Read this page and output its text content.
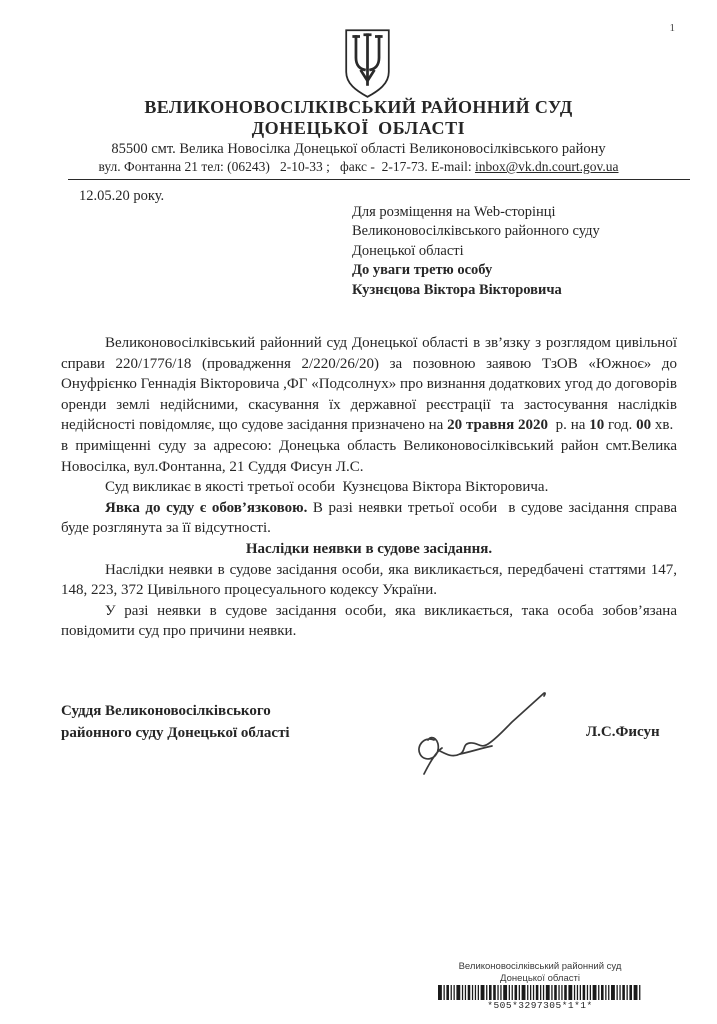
1
ВЕЛИКОНОВОСІЛКІВСЬКИЙ РАЙОННИЙ СУД
ДОНЕЦЬКОЇ ОБЛАСТІ
85500 смт. Велика Новосілка Донецької області Великоновосілківського району
вул. Фонтанна 21 тел: (06243)   2-10-33 ;   факс -  2-17-73. E-mail: inbox@vk.dn.court.gov.ua
12.05.20 року.
Для розміщення на Web-сторінці
Великоновосілківського районного суду
Донецької області
До уваги третю особу
Кузнєцова Віктора Вікторовича

Великоновосілківський районний суд Донецької області в зв’язку з розглядом цивільної справи 220/1776/18 (провадження 2/220/26/20) за позовною заявою ТзОВ «Южноє» до Онуфрієнко Геннадія Вікторовича ,ФГ «Подсолнух» про визнання додаткових угод до договорів оренди землі недійсними, скасування їх державної реєстрації та застосування наслідків недійсності повідомляє, що судове засідання призначено на 20 травня 2020  р. на 10 год. 00 хв.  в приміщенні суду за адресою: Донецька область Великоновосілківський район смт.Велика Новосілка, вул.Фонтанна, 21 Суддя Фисун Л.С.

Суд викликає в якості третьої особи  Кузнєцова Віктора Вікторовича.

Явка до суду є обов’язковою. В разі неявки третьої особи  в судове засідання справа буде розглянута за її відсутності.

Наслідки неявки в судове засідання.

Наслідки неявки в судове засідання особи, яка викликається, передбачені статтями 147, 148, 223, 372 Цивільного процесуального кодексу України.

У разі неявки в судове засідання особи, яка викликається, така особа зобов’язана повідомити суд про причини неявки.

Суддя Великоновосілківського
районного суду Донецької області	Л.С.Фисун
Великоновосілківський районний суд
Донецької області
*505*3297305*1*1*
